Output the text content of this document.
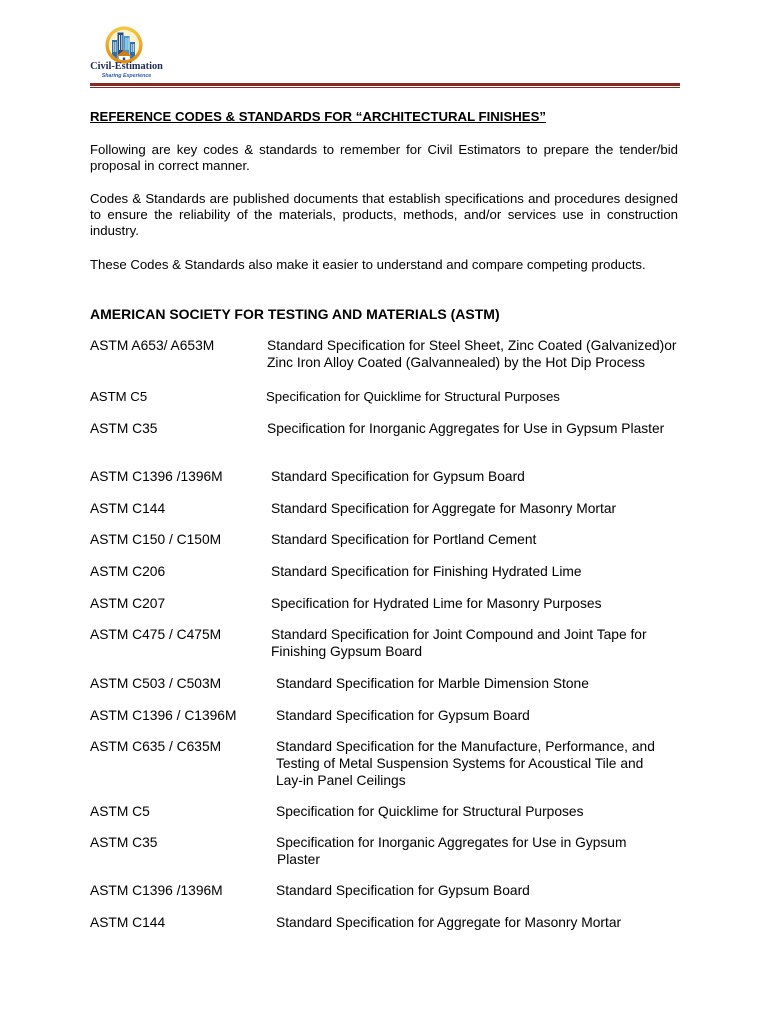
Civil-Estimation
Sharing Experience
REFERENCE CODES & STANDARDS FOR “ARCHITECTURAL FINISHES”
Following are key codes & standards to remember for Civil Estimators to prepare the tender/bid proposal in correct manner.
Codes & Standards are published documents that establish specifications and procedures designed to ensure the reliability of the materials, products, methods, and/or services use in construction industry.
These Codes & Standards also make it easier to understand and compare competing products.
AMERICAN SOCIETY FOR TESTING AND MATERIALS (ASTM)
ASTM A653/ A653M	Standard Specification for Steel Sheet, Zinc Coated (Galvanized)or
Zinc Iron Alloy Coated (Galvannealed) by the Hot Dip Process
ASTM C5	Specification for Quicklime for Structural Purposes
ASTM C35	Specification for Inorganic Aggregates for Use in Gypsum Plaster
ASTM C1396 /1396M	Standard Specification for Gypsum Board
ASTM C144	Standard Specification for Aggregate for Masonry Mortar
ASTM C150 / C150M	Standard Specification for Portland Cement
ASTM C206	Standard Specification for Finishing Hydrated Lime
ASTM C207	Specification for Hydrated Lime for Masonry Purposes
ASTM C475 / C475M	Standard Specification for Joint Compound and Joint Tape for
Finishing Gypsum Board
ASTM C503 / C503M	Standard Specification for Marble Dimension Stone
ASTM C1396 / C1396M	Standard Specification for Gypsum Board
ASTM C635 / C635M	Standard Specification for the Manufacture, Performance, and
Testing of Metal Suspension Systems for Acoustical Tile and
Lay-in Panel Ceilings
ASTM C5	Specification for Quicklime for Structural Purposes
ASTM C35	Specification for Inorganic Aggregates for Use in Gypsum
Plaster
ASTM C1396 /1396M	Standard Specification for Gypsum Board
ASTM C144	Standard Specification for Aggregate for Masonry Mortar
